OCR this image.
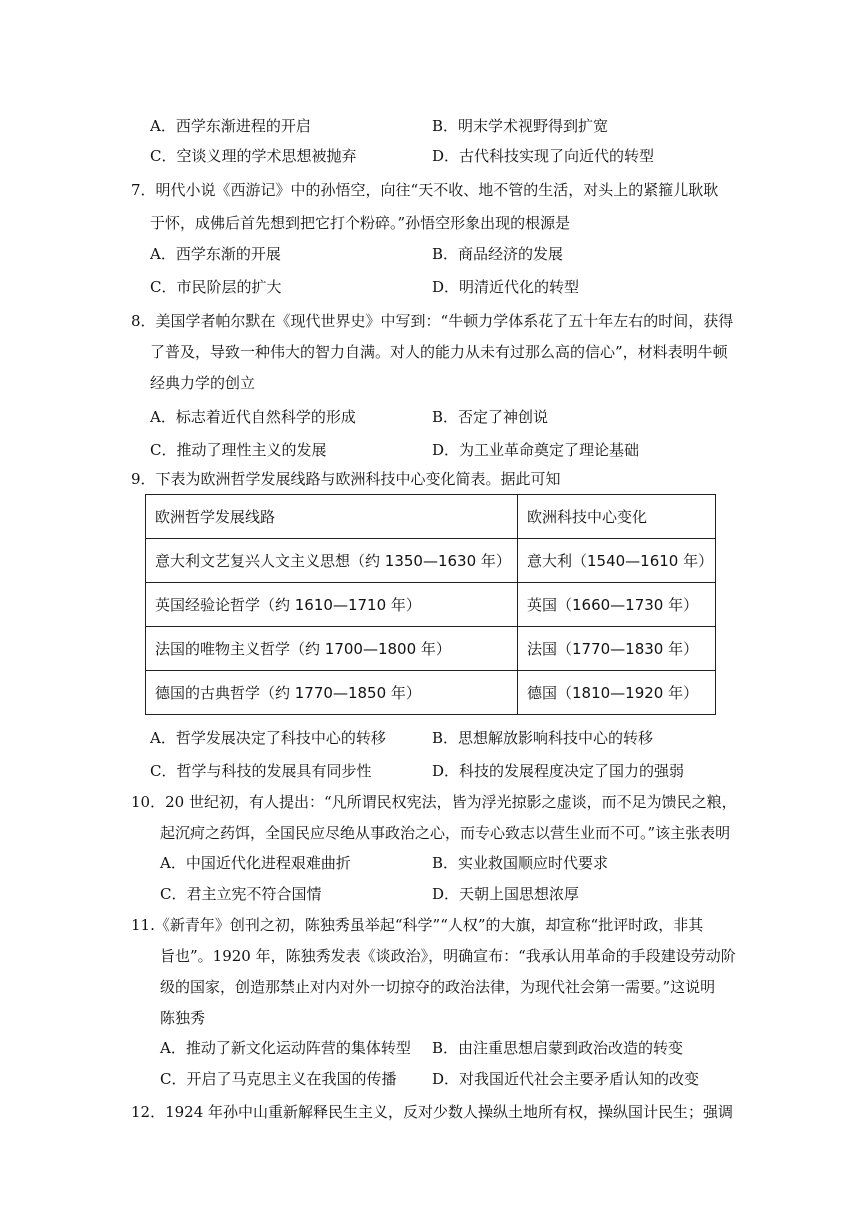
A．西学东渐进程的开启	B．明末学术视野得到扩宽
C．空谈义理的学术思想被抛弃	D．古代科技实现了向近代的转型
7．明代小说《西游记》中的孙悟空，向往“天不收、地不管的生活，对头上的紧箍儿耿耿
于怀，成佛后首先想到把它打个粉碎。”孙悟空形象出现的根源是
A．西学东渐的开展	B．商品经济的发展
C．市民阶层的扩大	D．明清近代化的转型
8．美国学者帕尔默在《现代世界史》中写到：“牛顿力学体系花了五十年左右的时间，获得
了普及，导致一种伟大的智力自满。对人的能力从未有过那么高的信心”，材料表明牛顿
经典力学的创立
A．标志着近代自然科学的形成	B．否定了神创说
C．推动了理性主义的发展	D．为工业革命奠定了理论基础
9．下表为欧洲哲学发展线路与欧洲科技中心变化简表。据此可知
欧洲哲学发展线路	欧洲科技中心变化
意大利文艺复兴人文主义思想（约 1350—1630 年）	意大利（1540—1610 年）
英国经验论哲学（约 1610—1710 年）	英国（1660—1730 年）
法国的唯物主义哲学（约 1700—1800 年）	法国（1770—1830 年）
德国的古典哲学（约 1770—1850 年）	德国（1810—1920 年）
A．哲学发展决定了科技中心的转移	B．思想解放影响科技中心的转移
C．哲学与科技的发展具有同步性	D．科技的发展程度决定了国力的强弱
10．20 世纪初，有人提出：“凡所谓民权宪法，皆为浮光掠影之虚谈，而不足为馈民之粮，
起沉疴之药饵，全国民应尽绝从事政治之心，而专心致志以营生业而不可。”该主张表明
A．中国近代化进程艰难曲折	B．实业救国顺应时代要求
C．君主立宪不符合国情	D．天朝上国思想浓厚
11.《新青年》创刊之初，陈独秀虽举起“科学”“人权”的大旗，却宣称“批评时政，非其
旨也”。1920 年，陈独秀发表《谈政治》，明确宣布：“我承认用革命的手段建设劳动阶
级的国家，创造那禁止对内对外一切掠夺的政治法律，为现代社会第一需要。”这说明
陈独秀
A．推动了新文化运动阵营的集体转型 B．由注重思想启蒙到政治改造的转变
C．开启了马克思主义在我国的传播 D．对我国近代社会主要矛盾认知的改变
12．1924 年孙中山重新解释民生主义，反对少数人操纵土地所有权，操纵国计民生；强调
